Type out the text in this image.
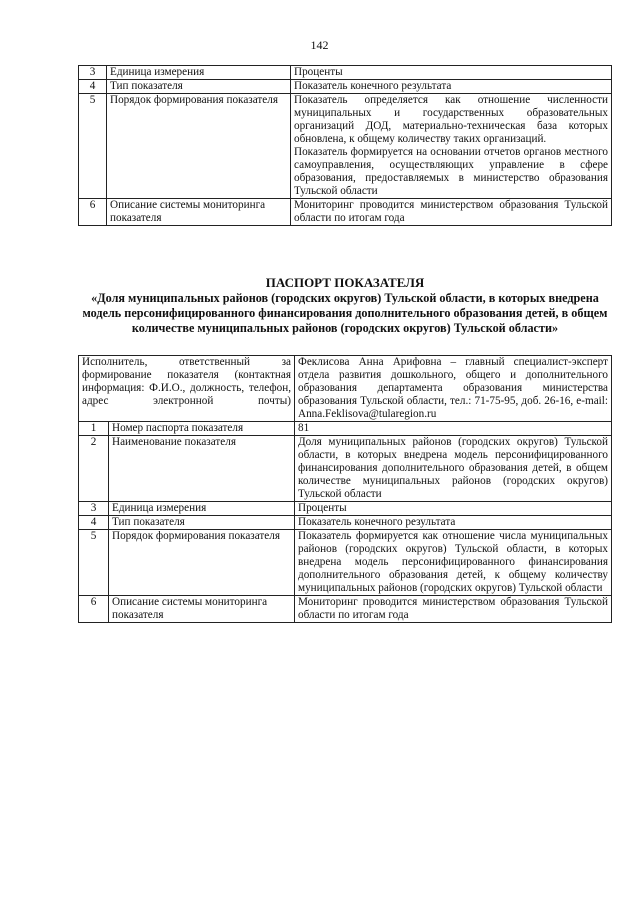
142
3	Единица измерения	Проценты

4	Тип показателя	Показатель конечного результата

5	Порядок формирования показателя	Показатель определяется как отношение численности муниципальных и государственных образовательных организаций ДОД, материально-техническая база которых обновлена, к общему количеству таких организаций.
Показатель формируется на основании отчетов органов местного самоуправления, осуществляющих управление в сфере образования, предоставляемых в министерство образования Тульской области

6	Описание системы мониторинга показателя	Мониторинг проводится министерством образования Тульской области по итогам года
ПАСПОРТ ПОКАЗАТЕЛЯ
«Доля муниципальных районов (городских округов) Тульской области, в которых внедрена модель персонифицированного финансирования дополнительного образования детей, в общем количестве муниципальных районов (городских округов) Тульской области»
Исполнитель, ответственный за формирование показателя (контактная информация: Ф.И.О., должность, телефон, адрес электронной почты)		Феклисова Анна Арифовна – главный специалист-эксперт отдела развития дошкольного, общего и дополнительного образования департамента образования министерства образования Тульской области, тел.: 71-75-95, доб. 26-16, e-mail: Anna.Feklisova@tularegion.ru
1	Номер паспорта показателя	81
2	Наименование показателя	Доля муниципальных районов (городских округов) Тульской области, в которых внедрена модель персонифицированного финансирования дополнительного образования детей, в общем количестве муниципальных районов (городских округов) Тульской области
3	Единица измерения	Проценты
4	Тип показателя	Показатель конечного результата
5	Порядок формирования показателя	Показатель формируется как отношение числа муниципальных районов (городских округов) Тульской области, в которых внедрена модель персонифицированного финансирования дополнительного образования детей, к общему количеству муниципальных районов (городских округов) Тульской области
6	Описание системы мониторинга показателя	Мониторинг проводится министерством образования Тульской области по итогам года
